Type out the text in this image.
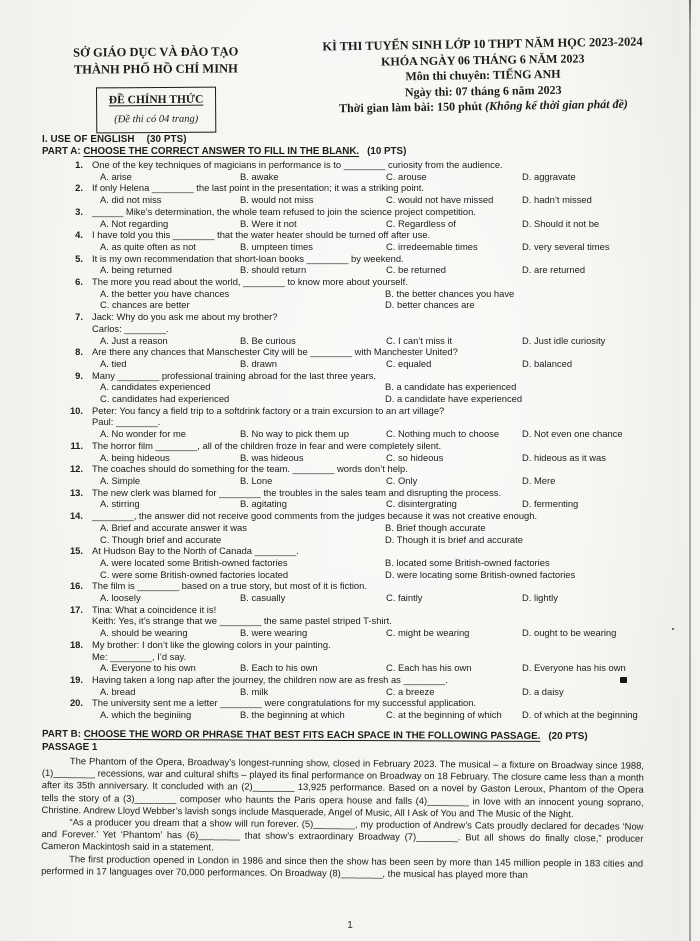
SỞ GIÁO DỤC VÀ ĐÀO TẠO
THÀNH PHỐ HỒ CHÍ MINH
ĐỀ CHÍNH THỨC
(Đề thi có 04 trang)
KÌ THI TUYỂN SINH LỚP 10 THPT NĂM HỌC 2023-2024
KHÓA NGÀY 06 THÁNG 6 NĂM 2023
Môn thi chuyên: TIẾNG ANH
Ngày thi: 07 tháng 6 năm 2023
Thời gian làm bài: 150 phút (Không kể thời gian phát đề)
I. USE OF ENGLISH (30 PTS)
PART A: CHOOSE THE CORRECT ANSWER TO FILL IN THE BLANK. (10 PTS)
1. One of the key techniques of magicians in performance is to ________ curiosity from the audience.
A. arise	B. awake	C. arouse	D. aggravate
2. If only Helena ________ the last point in the presentation; it was a striking point.
A. did not miss	B. would not miss	C. would not have missed	D. hadn’t missed
3. ______ Mike’s determination, the whole team refused to join the science project competition.
A. Not regarding	B. Were it not	C. Regardless of	D. Should it not be
4. I have told you this ________ that the water heater should be turned off after use.
A. as quite often as not	B. umpteen times	C. irredeemable times	D. very several times
5. It is my own recommendation that short-loan books ________ by weekend.
A. being returned	B. should return	C. be returned	D. are returned
6. The more you read about the world, ________ to know more about yourself.
A. the better you have chances	B. the better chances you have
C. chances are better	D. better chances are
7. Jack: Why do you ask me about my brother?
Carlos: ________.
A. Just a reason	B. Be curious	C. I can’t miss it	D. Just idle curiosity
8. Are there any chances that Manschester City will be ________ with Manchester United?
A. tied	B. drawn	C. equaled	D. balanced
9. Many ________ professional training abroad for the last three years.
A. candidates experienced	B. a candidate has experienced
C. candidates had experienced	D. a candidate have experienced
10. Peter: You fancy a field trip to a softdrink factory or a train excursion to an art village?
Paul: ________.
A. No wonder for me	B. No way to pick them up	C. Nothing much to choose	D. Not even one chance
11. The horror film ________, all of the children froze in fear and were completely silent.
A. being hideous	B. was hideous	C. so hideous	D. hideous as it was
12. The coaches should do something for the team. ________ words don’t help.
A. Simple	B. Lone	C. Only	D. Mere
13. The new clerk was blamed for ________ the troubles in the sales team and disrupting the process.
A. stirring	B. agitating	C. disintergrating	D. fermenting
14. ________, the answer did not receive good comments from the judges because it was not creative enough.
A. Brief and accurate answer it was	B. Brief though accurate
C. Though brief and accurate	D. Though it is brief and accurate
15. At Hudson Bay to the North of Canada ________.
A. were located some British-owned factories	B. located some British-owned factories
C. were some British-owned factories located	D. were locating some British-owned factories
16. The film is ________ based on a true story, but most of it is fiction.
A. loosely	B. casually	C. faintly	D. lightly
17. Tina: What a coincidence it is!
Keith: Yes, it’s strange that we ________ the same pastel striped T-shirt.
A. should be wearing	B. were wearing	C. might be wearing	D. ought to be wearing
18. My brother: I don’t like the glowing colors in your painting.
Me: ________, I’d say.
A. Everyone to his own	B. Each to his own	C. Each has his own	D. Everyone has his own
19. Having taken a long nap after the journey, the children now are as fresh as ________.
A. bread	B. milk	C. a breeze	D. a daisy
20. The university sent me a letter ________ were congratulations for my successful application.
A. which the beginiing	B. the beginning at which	C. at the beginning of which	D. of which at the beginning
PART B: CHOOSE THE WORD OR PHRASE THAT BEST FITS EACH SPACE IN THE FOLLOWING PASSAGE. (20 PTS)
PASSAGE 1

The Phantom of the Opera, Broadway’s longest-running show, closed in February 2023. The musical – a fixture on Broadway since 1988, (1)________ recessions, war and cultural shifts – played its final performance on Broadway on 18 February. The closure came less than a month after its 35th anniversary. It concluded with an (2)________ 13,925 performance. Based on a novel by Gaston Leroux, Phantom of the Opera tells the story of a (3)________ composer who haunts the Paris opera house and falls (4)________ in love with an innocent young soprano, Christine. Andrew Lloyd Webber’s lavish songs include Masquerade, Angel of Music, All I Ask of You and The Music of the Night.

“As a producer you dream that a show will run forever. (5)________, my production of Andrew’s Cats proudly declared for decades ‘Now and Forever.’ Yet ‘Phantom’ has (6)________ that show’s extraordinary Broadway (7)________. But all shows do finally close,” producer Cameron Mackintosh said in a statement.

The first production opened in London in 1986 and since then the show has been seen by more than 145 million people in 183 cities and performed in 17 languages over 70,000 performances. On Broadway (8)________, the musical has played more than

1
